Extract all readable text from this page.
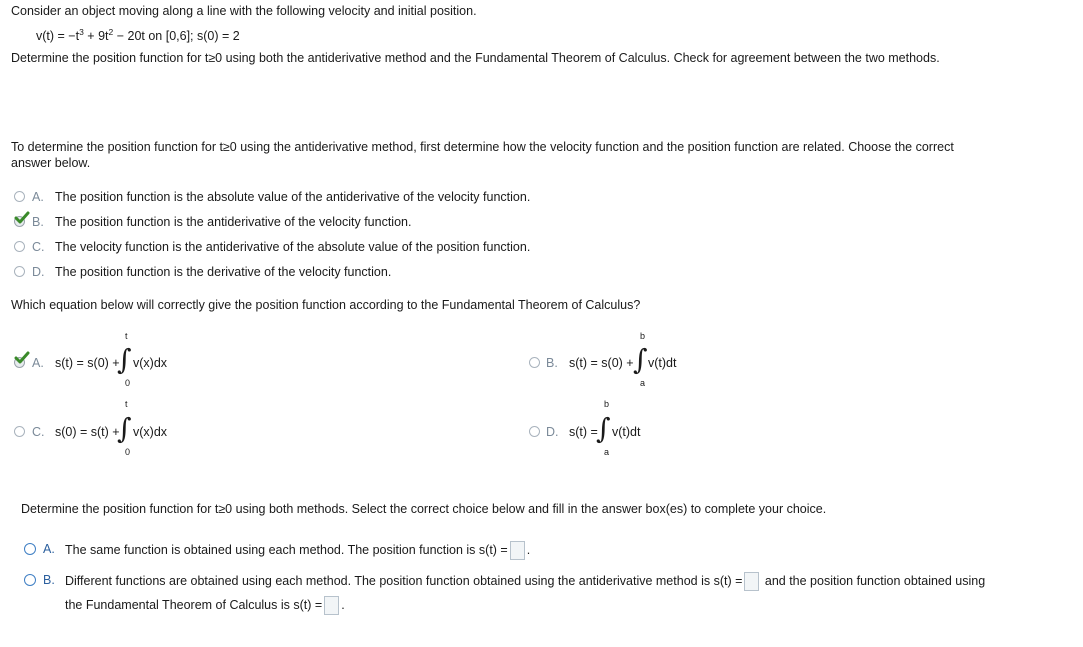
Consider an object moving along a line with the following velocity and initial position.
$v(t) = -t^3 + 9t^2 - 20t$ on [0,6]; s(0) = 2
Determine the position function for t≥0 using both the antiderivative method and the Fundamental Theorem of Calculus. Check for agreement between the two methods.
To determine the position function for t≥0 using the antiderivative method, first determine how the velocity function and the position function are related. Choose the correct
answer below.
A. The position function is the absolute value of the antiderivative of the velocity function.
B. The position function is the antiderivative of the velocity function.
C. The velocity function is the antiderivative of the absolute value of the position function.
D. The position function is the derivative of the velocity function.
Which equation below will correctly give the position function according to the Fundamental Theorem of Calculus?
A. s(t) = s(0) +
t
∫
0
v(x)dx	B. s(t) = s(0) +
b
∫
a
v(t)dt
C. s(0) = s(t) +
t
∫
0
v(x)dx	D. s(t) =
b
∫
a
v(t)dt
Determine the position function for t≥0 using both methods. Select the correct choice below and fill in the answer box(es) to complete your choice.
A. The same function is obtained using each method. The position function is s(t) = .
B. Different functions are obtained using each method. The position function obtained using the antiderivative method is s(t) = and the position function obtained using
the Fundamental Theorem of Calculus is s(t) = .
